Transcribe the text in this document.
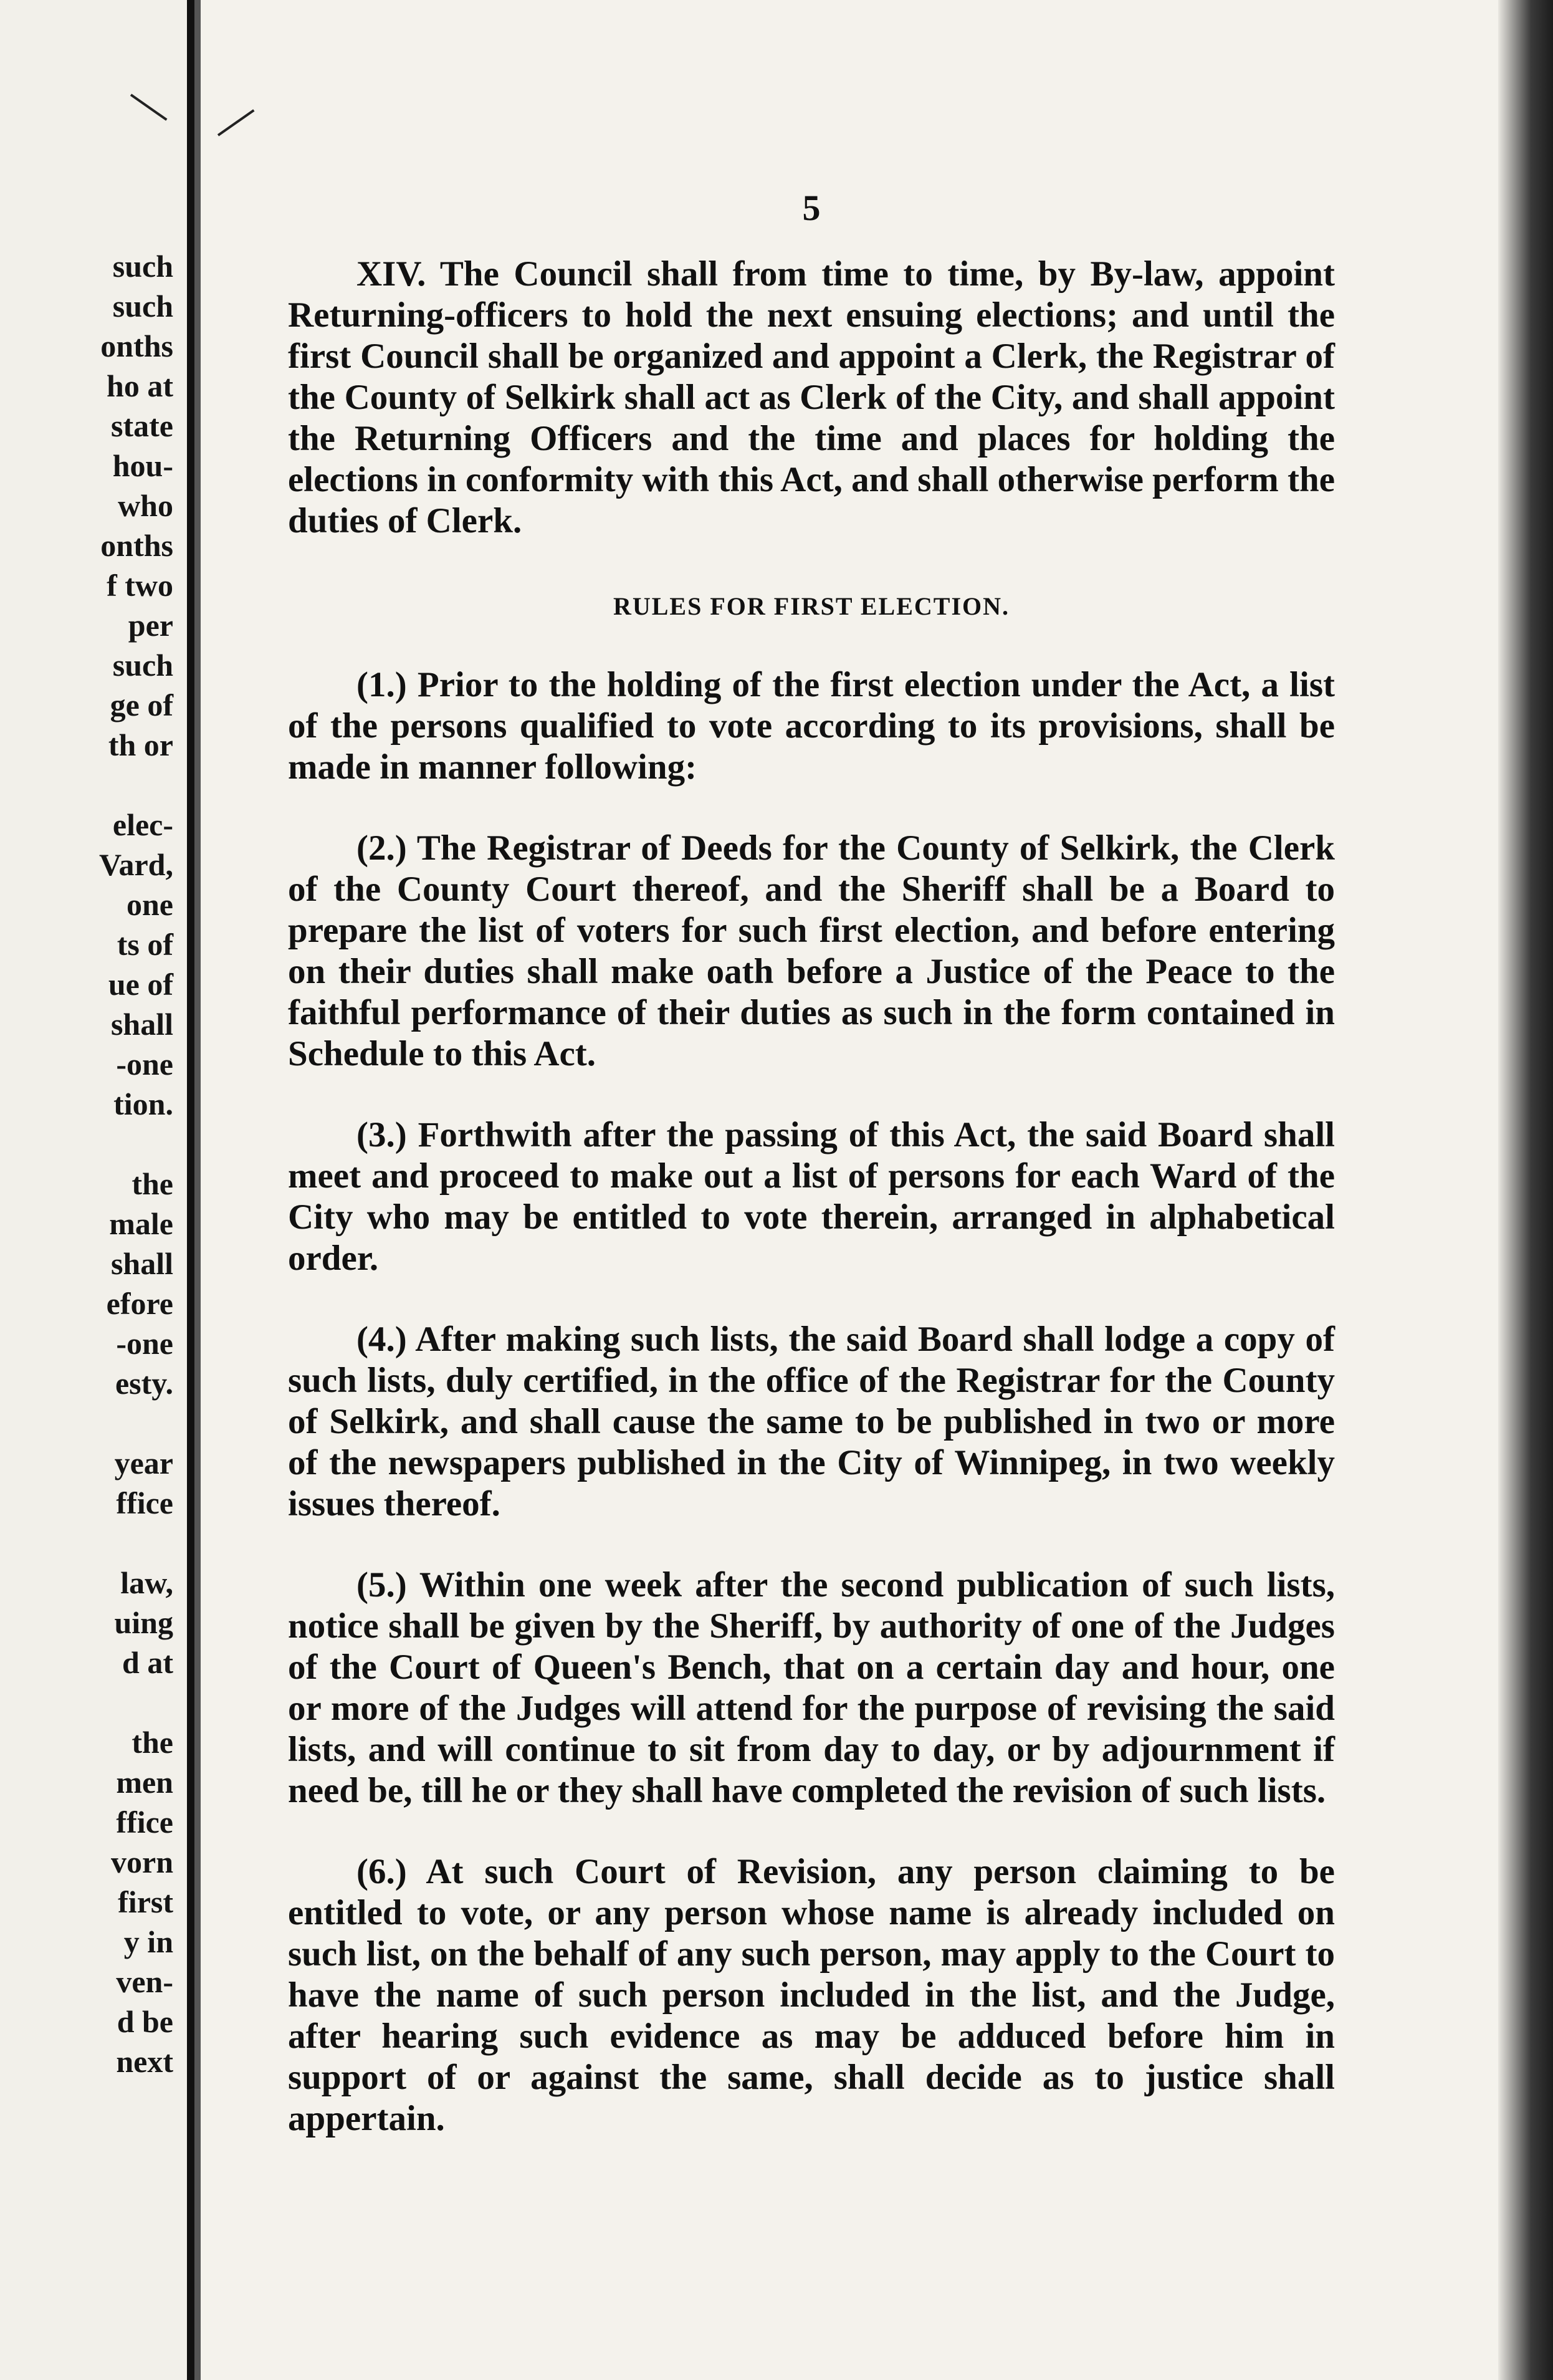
such
such
onths
ho at
state
hou-
who
onths
f two
per
such
ge of
th or
elec-
Vard,
one
ts of
ue of
shall
-one
tion.
the
male
shall
efore
-one
esty.
year
ffice
law,
uing
d at
the
men
ffice
vorn
first
y in
ven-
d be
next
5

XIV. The Council shall from time to time, by By-law, appoint Returning-officers to hold the next ensuing elections; and until the first Council shall be organized and appoint a Clerk, the Registrar of the County of Selkirk shall act as Clerk of the City, and shall appoint the Returning Officers and the time and places for holding the elections in conformity with this Act, and shall otherwise perform the duties of Clerk.

RULES FOR FIRST ELECTION.

(1.) Prior to the holding of the first election under the Act, a list of the persons qualified to vote according to its provisions, shall be made in manner following:

(2.) The Registrar of Deeds for the County of Selkirk, the Clerk of the County Court thereof, and the Sheriff shall be a Board to prepare the list of voters for such first election, and before entering on their duties shall make oath before a Justice of the Peace to the faithful performance of their duties as such in the form contained in Schedule to this Act.

(3.) Forthwith after the passing of this Act, the said Board shall meet and proceed to make out a list of persons for each Ward of the City who may be entitled to vote therein, arranged in alphabetical order.

(4.) After making such lists, the said Board shall lodge a copy of such lists, duly certified, in the office of the Registrar for the County of Selkirk, and shall cause the same to be published in two or more of the newspapers published in the City of Winnipeg, in two weekly issues thereof.

(5.) Within one week after the second publication of such lists, notice shall be given by the Sheriff, by authority of one of the Judges of the Court of Queen's Bench, that on a certain day and hour, one or more of the Judges will attend for the purpose of revising the said lists, and will continue to sit from day to day, or by adjournment if need be, till he or they shall have completed the revision of such lists.

(6.) At such Court of Revision, any person claiming to be entitled to vote, or any person whose name is already included on such list, on the behalf of any such person, may apply to the Court to have the name of such person included in the list, and the Judge, after hearing such evidence as may be adduced before him in support of or against the same, shall decide as to justice shall appertain.
